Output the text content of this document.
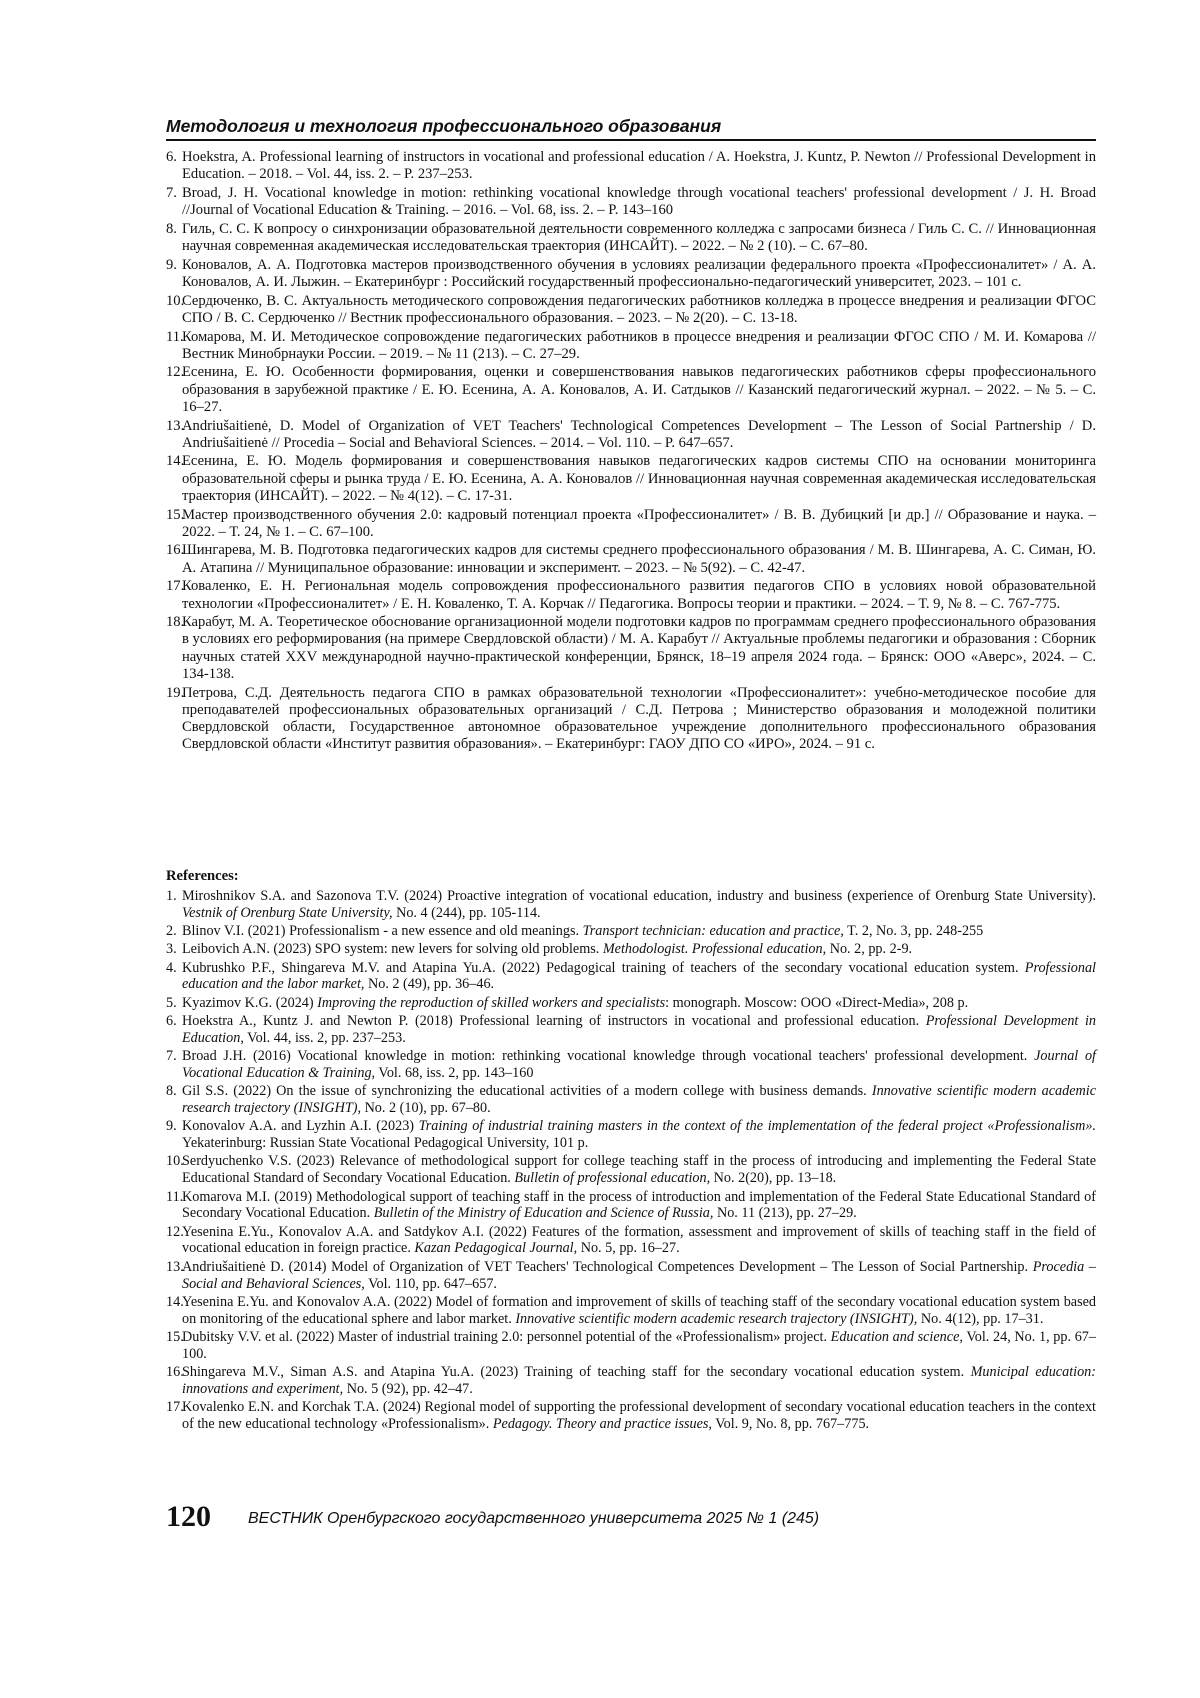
Методология и технология профессионального образования
6. Hoekstra, A. Professional learning of instructors in vocational and professional education / A. Hoekstra, J. Kuntz, P. Newton // Professional Development in Education. – 2018. – Vol. 44, iss. 2. – P. 237–253.
7. Broad, J. H. Vocational knowledge in motion: rethinking vocational knowledge through vocational teachers' professional development / J. H. Broad //Journal of Vocational Education & Training. – 2016. – Vol. 68, iss. 2. – P. 143–160
8. Гиль, С. С. К вопросу о синхронизации образовательной деятельности современного колледжа с запросами бизнеса / Гиль С. С. // Инновационная научная современная академическая исследовательская траектория (ИНСАЙТ). – 2022. – № 2 (10). – С. 67–80.
9. Коновалов, А. А. Подготовка мастеров производственного обучения в условиях реализации федерального проекта «Профессионалитет» / А. А. Коновалов, А. И. Лыжин. – Екатеринбург : Российский государственный профессионально-педагогический университет, 2023. – 101 с.
10.
Сердюченко, В. С. Актуальность методического сопровождения педагогических работников колледжа в процессе внедрения и реализации ФГОС СПО / В. С. Сердюченко // Вестник профессионального образования. – 2023. – № 2(20). – С. 13-18.
11.
Комарова, М. И. Методическое сопровождение педагогических работников в процессе внедрения и реализации ФГОС СПО / М. И. Комарова // Вестник Минобрнауки России. – 2019. – № 11 (213). – С. 27–29.
12.
Есенина, Е. Ю. Особенности формирования, оценки и совершенствования навыков педагогических работников сферы профессионального образования в зарубежной практике / Е. Ю. Есенина, А. А. Коновалов, А. И. Сатдыков // Казанский педагогический журнал. – 2022. – № 5. – С. 16–27.
13.
Andriušaitienė, D. Model of Organization of VET Teachers' Technological Competences Development – The Lesson of Social Partnership / D. Andriušaitienė // Procedia – Social and Behavioral Sciences. – 2014. – Vol. 110. – P. 647–657.
14.
Есенина, Е. Ю. Модель формирования и совершенствования навыков педагогических кадров системы СПО на основании мониторинга образовательной сферы и рынка труда / Е. Ю. Есенина, А. А. Коновалов // Инновационная научная современная академическая исследовательская траектория (ИНСАЙТ). – 2022. – № 4(12). – С. 17-31.
15.
Мастер производственного обучения 2.0: кадровый потенциал проекта «Профессионалитет» / В. В. Дубицкий [и др.] // Образование и наука. – 2022. – Т. 24, № 1. – С. 67–100.
16.
Шингарева, М. В. Подготовка педагогических кадров для системы среднего профессионального образования / М. В. Шингарева, А. С. Симан, Ю. А. Атапина // Муниципальное образование: инновации и эксперимент. – 2023. – № 5(92). – С. 42-47.
17.
Коваленко, Е. Н. Региональная модель сопровождения профессионального развития педагогов СПО в условиях новой образовательной технологии «Профессионалитет» / Е. Н. Коваленко, Т. А. Корчак // Педагогика. Вопросы теории и практики. – 2024. – Т. 9, № 8. – С. 767-775.
18.
Карабут, М. А. Теоретическое обоснование организационной модели подготовки кадров по программам среднего профессионального образования в условиях его реформирования (на примере Свердловской области) / М. А. Карабут // Актуальные проблемы педагогики и образования : Сборник научных статей XXV международной научно-практической конференции, Брянск, 18–19 апреля 2024 года. – Брянск: ООО «Аверс», 2024. – С. 134-138.
19.
Петрова, С.Д. Деятельность педагога СПО в рамках образовательной технологии «Профессионалитет»: учебно-методическое пособие для преподавателей профессиональных образовательных организаций / С.Д. Петрова ; Министерство образования и молодежной политики Свердловской области, Государственное автономное образовательное учреждение дополнительного профессионального образования Свердловской области «Институт развития образования». – Екатеринбург: ГАОУ ДПО СО «ИРО», 2024. – 91 с.
References:
1. Miroshnikov S.A. and Sazonova T.V. (2024) Proactive integration of vocational education, industry and business (experience of Orenburg State University). Vestnik of Orenburg State University, No. 4 (244), pp. 105-114.
2. Blinov V.I. (2021) Professionalism - a new essence and old meanings. Transport technician: education and practice, T. 2, No. 3, pp. 248-255
3. Leibovich A.N. (2023) SPO system: new levers for solving old problems. Methodologist. Professional education, No. 2, pp. 2-9.
4. Kubrushko P.F., Shingareva M.V. and Atapina Yu.A. (2022) Pedagogical training of teachers of the secondary vocational education system. Professional education and the labor market, No. 2 (49), pp. 36–46.
5. Kyazimov K.G. (2024) Improving the reproduction of skilled workers and specialists: monograph. Moscow: OOO «Direct-Media», 208 p.
6. Hoekstra A., Kuntz J. and Newton P. (2018) Professional learning of instructors in vocational and professional education. Professional Development in Education, Vol. 44, iss. 2, pp. 237–253.
7. Broad J.H. (2016) Vocational knowledge in motion: rethinking vocational knowledge through vocational teachers' professional development. Journal of Vocational Education & Training, Vol. 68, iss. 2, pp. 143–160
8. Gil S.S. (2022) On the issue of synchronizing the educational activities of a modern college with business demands. Innovative scientific modern academic research trajectory (INSIGHT), No. 2 (10), pp. 67–80.
9. Konovalov A.A. and Lyzhin A.I. (2023) Training of industrial training masters in the context of the implementation of the federal project «Professionalism». Yekaterinburg: Russian State Vocational Pedagogical University, 101 p.
10.
Serdyuchenko V.S. (2023) Relevance of methodological support for college teaching staff in the process of introducing and implementing the Federal State Educational Standard of Secondary Vocational Education. Bulletin of professional education, No. 2(20), pp. 13–18.
11.
Komarova M.I. (2019) Methodological support of teaching staff in the process of introduction and implementation of the Federal State Educational Standard of Secondary Vocational Education. Bulletin of the Ministry of Education and Science of Russia, No. 11 (213), pp. 27–29.
12.
Yesenina E.Yu., Konovalov A.A. and Satdykov A.I. (2022) Features of the formation, assessment and improvement of skills of teaching staff in the field of vocational education in foreign practice. Kazan Pedagogical Journal, No. 5, pp. 16–27.
13.
Andriušaitienė D. (2014) Model of Organization of VET Teachers' Technological Competences Development – The Lesson of Social Partnership. Procedia – Social and Behavioral Sciences, Vol. 110, pp. 647–657.
14.
Yesenina E.Yu. and Konovalov A.A. (2022) Model of formation and improvement of skills of teaching staff of the secondary vocational education system based on monitoring of the educational sphere and labor market. Innovative scientific modern academic research trajectory (INSIGHT), No. 4(12), pp. 17–31.
15.
Dubitsky V.V. et al. (2022) Master of industrial training 2.0: personnel potential of the «Professionalism» project. Education and science, Vol. 24, No. 1, pp. 67–100.
16.
Shingareva M.V., Siman A.S. and Atapina Yu.A. (2023) Training of teaching staff for the secondary vocational education system. Municipal education: innovations and experiment, No. 5 (92), pp. 42–47.
17.
Kovalenko E.N. and Korchak T.A. (2024) Regional model of supporting the professional development of secondary vocational education teachers in the context of the new educational technology «Professionalism». Pedagogy. Theory and practice issues, Vol. 9, No. 8, pp. 767–775.
120 ВЕСТНИК Оренбургского государственного университета 2025 № 1 (245)
